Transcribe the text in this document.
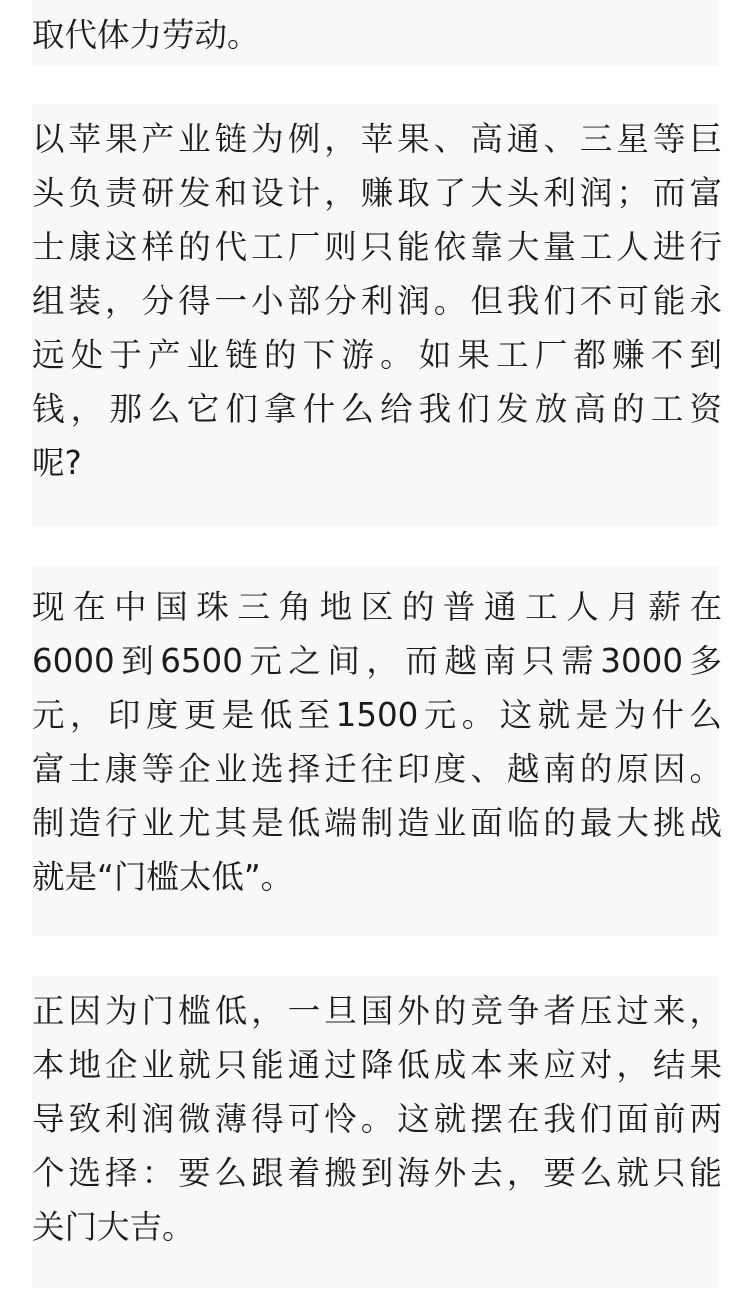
取代体力劳动。

以苹果产业链为例，苹果、高通、三星等巨
头负责研发和设计，赚取了大头利润；而富
士康这样的代工厂则只能依靠大量工人进行
组装，分得一小部分利润。但我们不可能永
远处于产业链的下游。如果工厂都赚不到
钱，那么它们拿什么给我们发放高的工资
呢?

现在中国珠三角地区的普通工人月薪在
6000到6500元之间，而越南只需3000多
元，印度更是低至1500元。这就是为什么
富士康等企业选择迁往印度、越南的原因。
制造行业尤其是低端制造业面临的最大挑战
就是“门槛太低”。

正因为门槛低，一旦国外的竞争者压过来，
本地企业就只能通过降低成本来应对，结果
导致利润微薄得可怜。这就摆在我们面前两
个选择：要么跟着搬到海外去，要么就只能
关门大吉。
